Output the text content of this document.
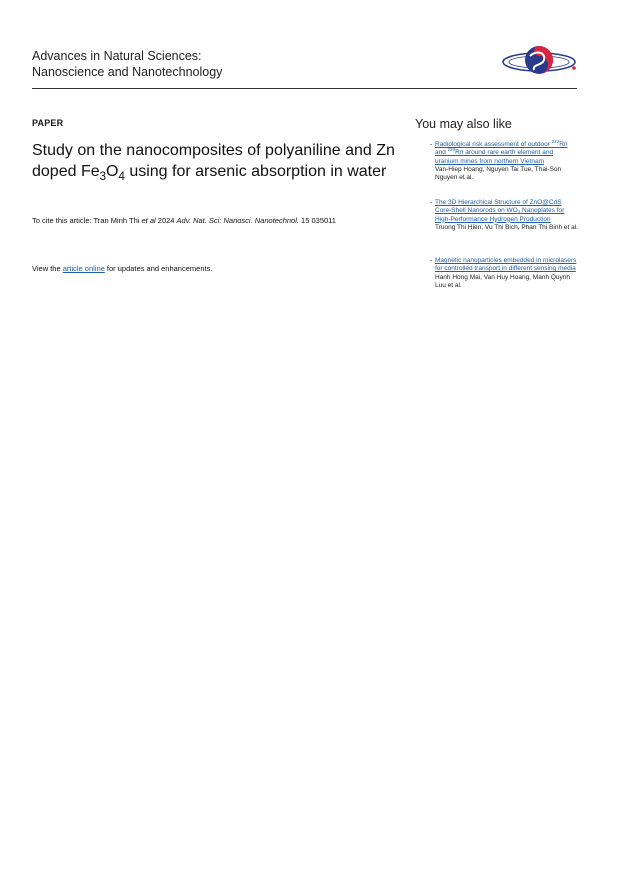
Advances in Natural Sciences:
Nanoscience and Nanotechnology
PAPER
Study on the nanocomposites of polyaniline and Zn doped $Fe_3O_4$ using for arsenic absorption in water
To cite this article: Tran Minh Thi et al 2024 Adv. Nat. Sci: Nanosci. Nanotechnol. 15 035011
View the article online for updates and enhancements.
You may also like
- Radiological risk assessment of outdoor $^{222}$Rn and $^{220}$Rn around rare earth element and uranium mines from northern Vietnam
Van-Hiep Hoang, Nguyen Tai Tue, Thai-Son Nguyen et al.
- The 3D Hierarchical Structure of ZnO@CdS Core-Shell Nanorods on $WO_3$ Nanoplates for High-Performance Hydrogen Production
Truong Thi Hien, Vu Thi Bich, Phan Thi Binh et al.
- Magnetic nanoparticles embedded in microlasers for controlled transport in different sensing media
Hanh Hong Mai, Van Huy Hoang, Manh Quynh Luu et al.
